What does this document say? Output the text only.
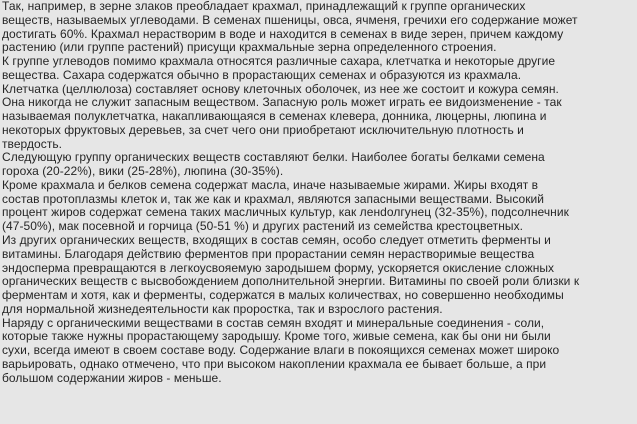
Так, например, в зерне злаков преобладает крахмал, принадлежащий к группе органических
веществ, называемых углеводами. В семенах пшеницы, овса, ячменя, гречихи его содержание может
достигать 60%. Крахмал нерастворим в воде и находится в семенах в виде зерен, причем каждому
растению (или группе растений) присущи крахмальные зерна определенного строения.
К группе углеводов помимо крахмала относятся различные сахара, клетчатка и некоторые другие
вещества. Сахара содержатся обычно в прорастающих семенах и образуются из крахмала.
Клетчатка (целлюлоза) составляет основу клеточных оболочек, из нее же состоит и кожура семян.
Она никогда не служит запасным веществом. Запасную роль может играть ее видоизменение - так
называемая полуклетчатка, накапливающаяся в семенах клевера, донника, люцерны, люпина и
некоторых фруктовых деревьев, за счет чего они приобретают исключительную плотность и
твердость.
Следующую группу органических веществ составляют белки. Наиболее богаты белками семена
гороха (20-22%), вики (25-28%), люпина (30-35%).
Кроме крахмала и белков семена содержат масла, иначе называемые жирами. Жиры входят в
состав протоплазмы клеток и, так же как и крахмал, являются запасными веществами. Высокий
процент жиров содержат семена таких масличных культур, как ленdолгунец (32-35%), подсолнечник
(47-50%), мак посевной и горчица (50-51 %) и других растений из семейства крестоцветных.
Из других органических веществ, входящих в состав семян, особо следует отметить ферменты и
витамины. Благодаря действию ферментов при прорастании семян нерастворимые вещества
эндосперма превращаются в легкоусвояемую зародышем форму, ускоряется окисление сложных
органических веществ с высвобождением дополнительной энергии. Витамины по своей роли близки к
ферментам и хотя, как и ферменты, содержатся в малых количествах, но совершенно необходимы
для нормальной жизнедеятельности как проростка, так и взрослого растения.
Наряду с органическими веществами в состав семян входят и минеральные соединения - соли,
которые также нужны прорастающему зародышу. Кроме того, живые семена, как бы они ни были
сухи, всегда имеют в своем составе воду. Содержание влаги в покоящихся семенах может широко
варьировать, однако отмечено, что при высоком накоплении крахмала ее бывает больше, а при
большом содержании жиров - меньше.
